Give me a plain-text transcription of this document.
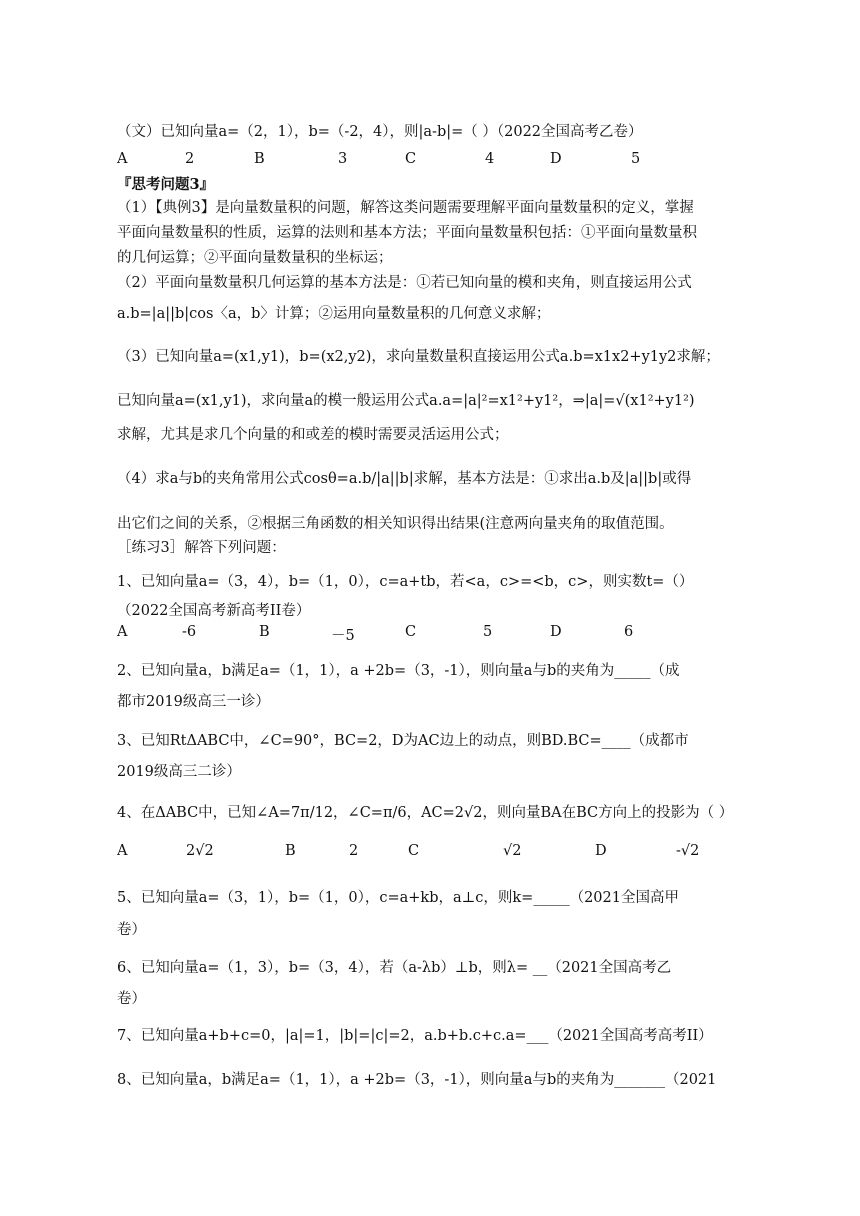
（文）已知向量a=（2，1），b=（-2，4），则|a-b|=（ ）（2022全国高考乙卷）
A	2	B	3	C	4	D	5
『思考问题3』
（1）【典例3】是向量数量积的问题，解答这类问题需要理解平面向量数量积的定义，掌握
平面向量数量积的性质，运算的法则和基本方法；平面向量数量积包括：①平面向量数量积
的几何运算；②平面向量数量积的坐标运；
（2）平面向量数量积几何运算的基本方法是：①若已知向量的模和夹角，则直接运用公式
a.b=|a||b|cos〈a，b〉计算；②运用向量数量积的几何意义求解；
（3）已知向量a=(x1,y1)，b=(x2,y2)，求向量数量积直接运用公式a.b=x1x2+y1y2求解；
已知向量a=(x1,y1)，求向量a的模一般运用公式a.a=|a|²=x1²+y1²，⇒|a|=√(x1²+y1²)
求解，尤其是求几个向量的和或差的模时需要灵活运用公式；
（4）求a与b的夹角常用公式cosθ=a.b/|a||b|求解，基本方法是：①求出a.b及|a||b|或得
出它们之间的关系，②根据三角函数的相关知识得出结果(注意两向量夹角的取值范围。
［练习3］解答下列问题：
1、已知向量a=（3，4），b=（1，0），c=a+tb，若<a，c>=<b，c>，则实数t=（）
（2022全国高考新高考II卷）
A	-6	B	－5	C	5	D	6
2、已知向量a，b满足a=（1，1），a +2b=（3，-1），则向量a与b的夹角为_____（成
都市2019级高三一诊）
3、已知RtΔABC中，∠C=90°，BC=2，D为AC边上的动点，则BD.BC=____（成都市
2019级高三二诊）
4、在ΔABC中，已知∠A=7π/12，∠C=π/6，AC=2√2，则向量BA在BC方向上的投影为（ ）
A	2√2	B	2	C	√2	D	-√2
5、已知向量a=（3，1），b=（1，0），c=a+kb，a⊥c，则k=_____（2021全国高甲
卷）
6、已知向量a=（1，3），b=（3，4），若（a-λb）⊥b，则λ= __（2021全国高考乙
卷）
7、已知向量a+b+c=0，|a|=1，|b|=|c|=2，a.b+b.c+c.a=___（2021全国高考高考II）
8、已知向量a，b满足a=（1，1），a +2b=（3，-1），则向量a与b的夹角为_______（2021
